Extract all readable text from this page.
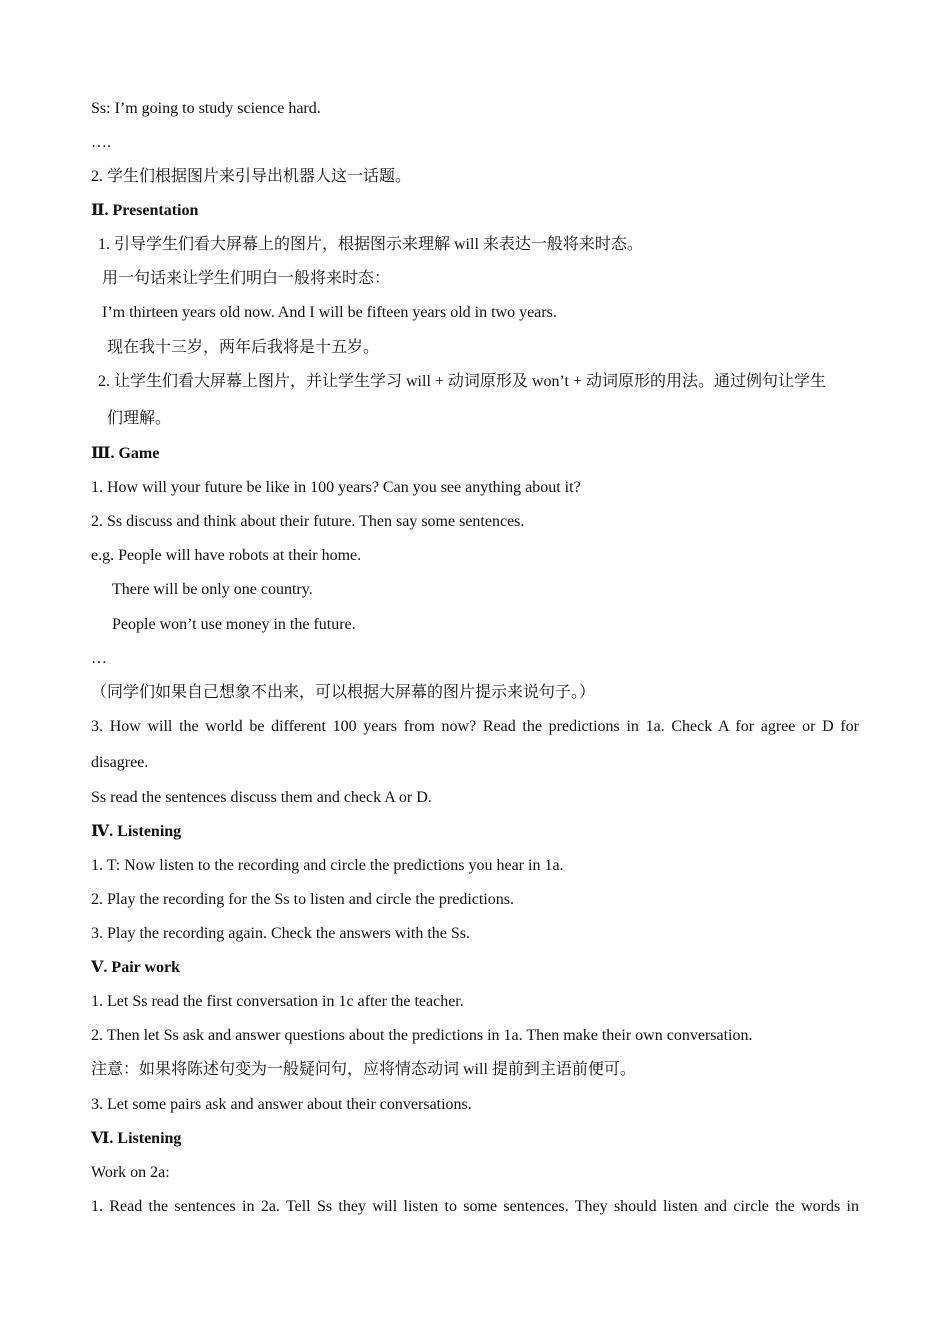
Ss: I’m going to study science hard.
….
2. 学生们根据图片来引导出机器人这一话题。
Ⅱ. Presentation
1. 引导学生们看大屏幕上的图片，根据图示来理解 will 来表达一般将来时态。
用一句话来让学生们明白一般将来时态：
I’m thirteen years old now. And I will be fifteen years old in two years.
现在我十三岁，两年后我将是十五岁。
2. 让学生们看大屏幕上图片，并让学生学习 will + 动词原形及 won’t + 动词原形的用法。通过例句让学生
们理解。
Ⅲ. Game
1. How will your future be like in 100 years? Can you see anything about it?
2. Ss discuss and think about their future. Then say some sentences.
e.g. People will have robots at their home.
There will be only one country.
People won’t use money in the future.
…
（同学们如果自己想象不出来，可以根据大屏幕的图片提示来说句子。）
3. How will the world be different 100 years from now? Read the predictions in 1a. Check A for agree or D for
disagree.
Ss read the sentences discuss them and check A or D.
Ⅳ. Listening
1. T: Now listen to the recording and circle the predictions you hear in 1a.
2. Play the recording for the Ss to listen and circle the predictions.
3. Play the recording again. Check the answers with the Ss.
Ⅴ. Pair work
1. Let Ss read the first conversation in 1c after the teacher.
2. Then let Ss ask and answer questions about the predictions in 1a. Then make their own conversation.
注意：如果将陈述句变为一般疑问句，应将情态动词 will 提前到主语前便可。
3. Let some pairs ask and answer about their conversations.
Ⅵ. Listening
Work on 2a:
1. Read the sentences in 2a. Tell Ss they will listen to some sentences. They should listen and circle the words in
